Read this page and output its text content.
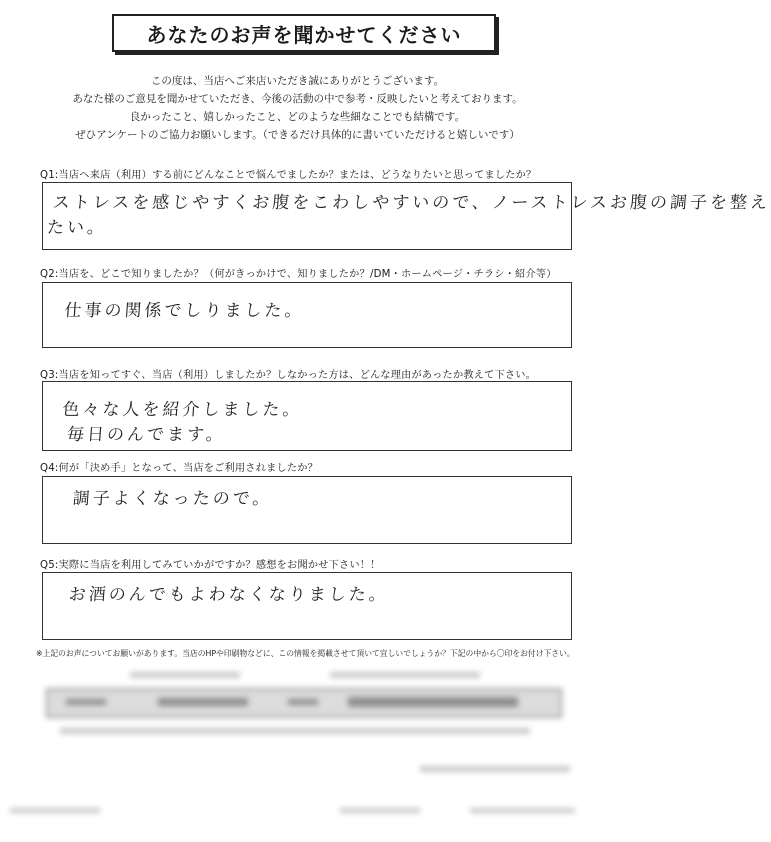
あなたのお声を聞かせてください
この度は、当店へご来店いただき誠にありがとうございます。
あなた様のご意見を聞かせていただき、今後の活動の中で参考・反映したいと考えております。
良かったこと、嬉しかったこと、どのような些細なことでも結構です。
ぜひアンケートのご協力お願いします。（できるだけ具体的に書いていただけると嬉しいです）
Q1:当店へ来店（利用）する前にどんなことで悩んでましたか？または、どうなりたいと思ってましたか？
ストレスを感じやすくお腹をこわしやすいので、ノーストレスお腹の調子を整え
たい。
Q2:当店を、どこで知りましたか？（何がきっかけで、知りましたか？/DM・ホームページ・チラシ・紹介等）
仕事の関係でしりました。
Q3:当店を知ってすぐ、当店（利用）しましたか？しなかった方は、どんな理由があったか教えて下さい。
色々な人を紹介しました。
毎日のんでます。
Q4:何が「決め手」となって、当店をご利用されましたか？
調子よくなったので。
Q5:実際に当店を利用してみていかがですか？感想をお聞かせ下さい！！
お酒のんでもよわなくなりました。
※上記のお声についてお願いがあります。当店のHPや印刷物などに、この情報を掲載させて頂いて宜しいでしょうか？下記の中から〇印をお付け下さい。
